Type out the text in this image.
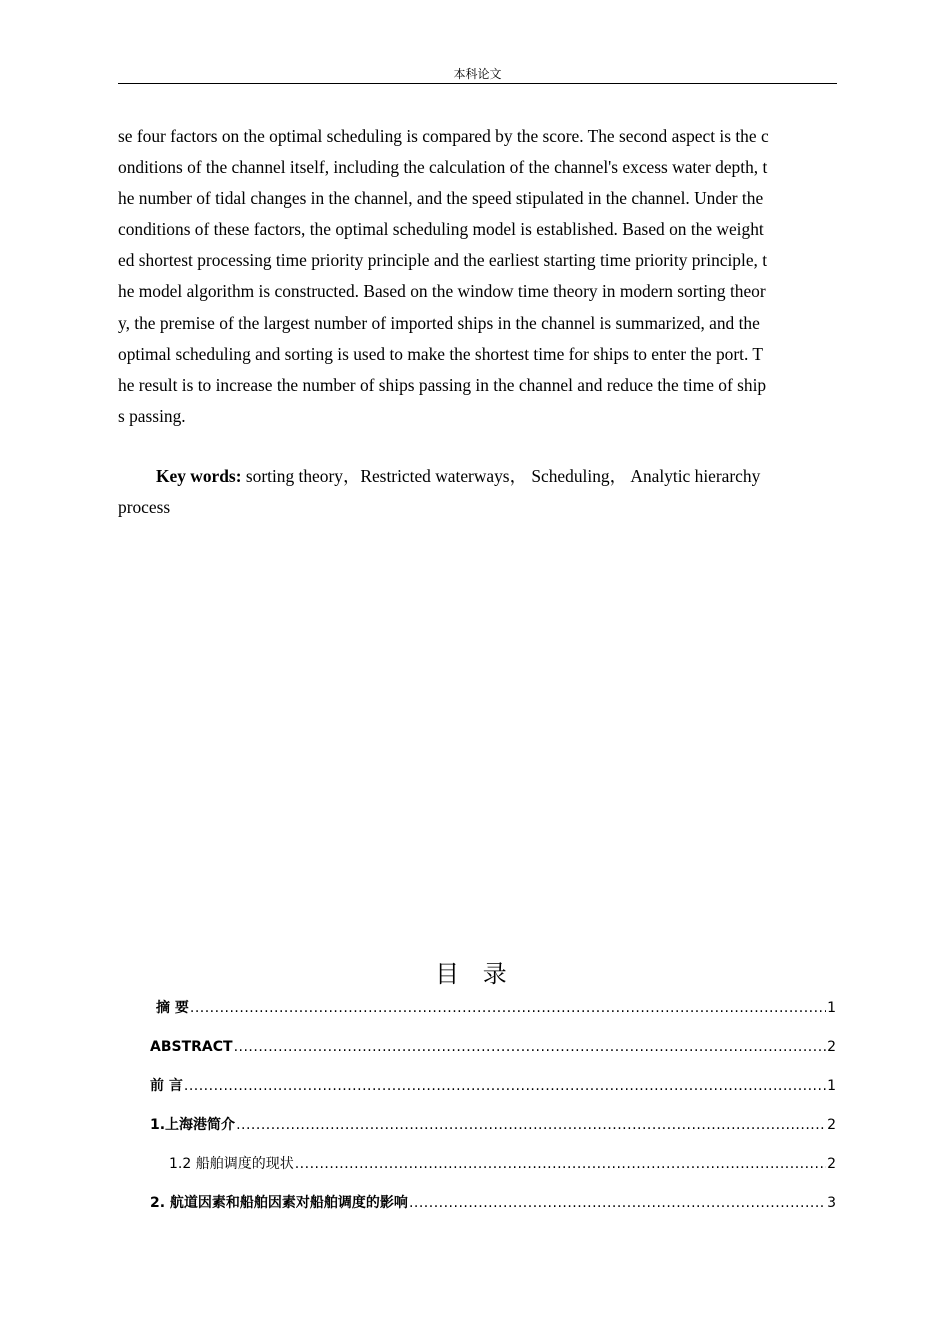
本科论文
se four factors on the optimal scheduling is compared by the score. The second aspect is the c
onditions of the channel itself, including the calculation of the channel's excess water depth, t
he number of tidal changes in the channel, and the speed stipulated in the channel. Under the
conditions of these factors, the optimal scheduling model is established. Based on the weight
ed shortest processing time priority principle and the earliest starting time priority principle, t
he model algorithm is constructed. Based on the window time theory in modern sorting theor
y, the premise of the largest number of imported ships in the channel is summarized, and the
optimal scheduling and sorting is used to make the shortest time for ships to enter the port. T
he result is to increase the number of ships passing in the channel and reduce the time of ship
s passing.
Key words: sorting theory，Restricted waterways， Scheduling， Analytic hierarchy
process
目 录
摘 要 .....	1
ABSTRACT .....	2
前 言 .....	1
1.上海港简介 .....	2
1.2 船舶调度的现状 .....	2
2. 航道因素和船舶因素对船舶调度的影响 .....	3
